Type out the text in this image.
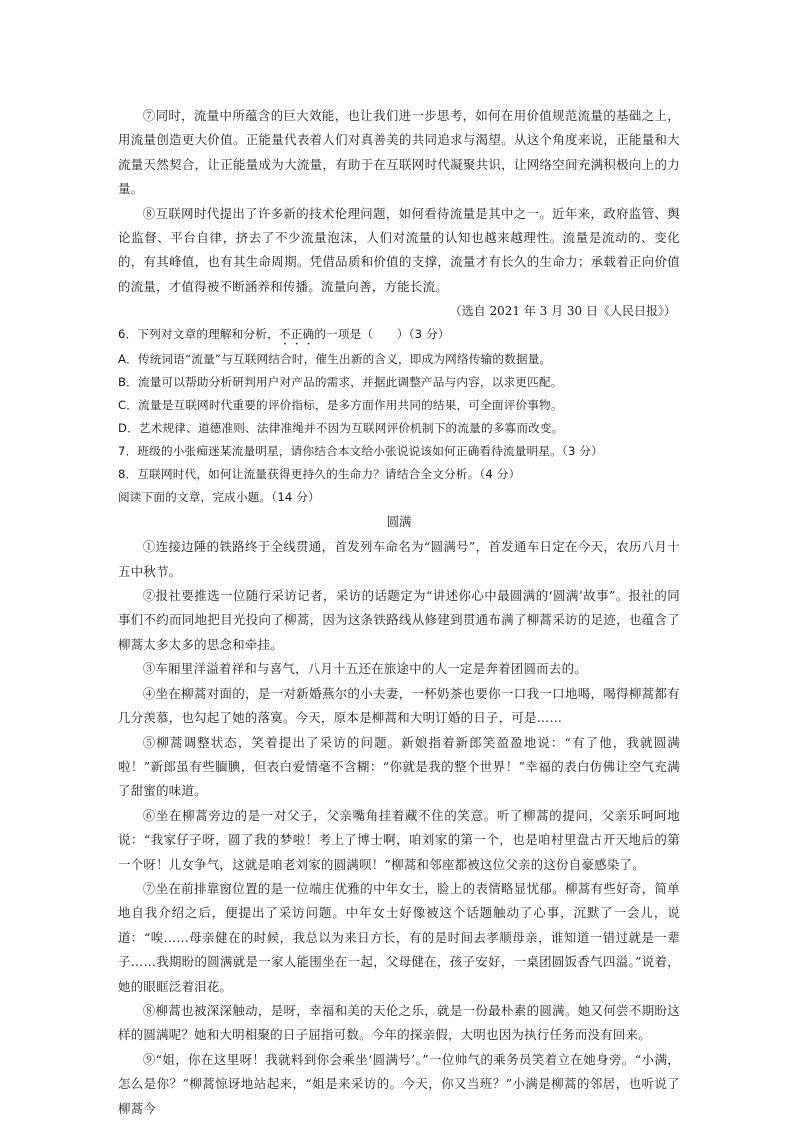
⑦同时，流量中所蕴含的巨大效能，也让我们进一步思考，如何在用价值规范流量的基础之上，用流量创造更大价值。正能量代表着人们对真善美的共同追求与渴望。从这个角度来说，正能量和大流量天然契合，让正能量成为大流量，有助于在互联网时代凝聚共识，让网络空间充满积极向上的力量。

⑧互联网时代提出了许多新的技术伦理问题，如何看待流量是其中之一。近年来，政府监管、舆论监督、平台自律，挤去了不少流量泡沫，人们对流量的认知也越来越理性。流量是流动的、变化的，有其峰值，也有其生命周期。凭借品质和价值的支撑，流量才有长久的生命力；承载着正向价值的流量，才值得被不断涵养和传播。流量向善，方能长流。

（选自 2021 年 3 月 30 日《人民日报》）

6．下列对文章的理解和分析，不正确的一项是（　　）（3 分）

A．传统词语“流量”与互联网结合时，催生出新的含义，即成为网络传输的数据量。

B．流量可以帮助分析研判用户对产品的需求，并据此调整产品与内容，以求更匹配。

C．流量是互联网时代重要的评价指标，是多方面作用共同的结果，可全面评价事物。

D．艺术规律、道德准则、法律准绳并不因为互联网评价机制下的流量的多寡而改变。

7．班级的小张痴迷某流量明星，请你结合本文给小张说说该如何正确看待流量明星。（3 分）

8．互联网时代，如何让流量获得更持久的生命力？请结合全文分析。（4 分）

阅读下面的文章，完成小题。（14 分）

圆满

①连接边陲的铁路终于全线贯通，首发列车命名为“圆满号”，首发通车日定在今天，农历八月十五中秋节。

②报社要推选一位随行采访记者，采访的话题定为“讲述你心中最圆满的‘圆满’故事”。报社的同事们不约而同地把目光投向了柳蒿，因为这条铁路线从修建到贯通布满了柳蒿采访的足迹，也蕴含了柳蒿太多太多的思念和牵挂。

③车厢里洋溢着祥和与喜气，八月十五还在旅途中的人一定是奔着团圆而去的。

④坐在柳蒿对面的，是一对新婚燕尔的小夫妻，一杯奶茶也要你一口我一口地喝，喝得柳蒿都有几分羡慕，也勾起了她的落寞。今天，原本是柳蒿和大明订婚的日子，可是……

⑤柳蒿调整状态，笑着提出了采访的问题。新娘指着新郎笑盈盈地说：“有了他，我就圆满啦！”新郎虽有些腼腆，但表白爱情毫不含糊：“你就是我的整个世界！”幸福的表白仿佛让空气充满了甜蜜的味道。

⑥坐在柳蒿旁边的是一对父子，父亲嘴角挂着藏不住的笑意。听了柳蒿的提问，父亲乐呵呵地说：“我家仔子呀，圆了我的梦啦！考上了博士啊，咱刘家的第一个，也是咱村里盘古开天地后的第一个呀！儿女争气，这就是咱老刘家的圆满呗！”柳蒿和邻座都被这位父亲的这份自豪感染了。

⑦坐在前排靠窗位置的是一位端庄优雅的中年女士，脸上的表情略显忧郁。柳蒿有些好奇，简单地自我介绍之后，便提出了采访问题。中年女士好像被这个话题触动了心事，沉默了一会儿，说道：“唉……母亲健在的时候，我总以为来日方长，有的是时间去孝顺母亲，谁知道一错过就是一辈子……我期盼的圆满就是一家人能围坐在一起，父母健在，孩子安好，一桌团圆饭香气四溢。”说着，她的眼眶泛着泪花。

⑧柳蒿也被深深触动，是呀，幸福和美的天伦之乐，就是一份最朴素的圆满。她又何尝不期盼这样的圆满呢？她和大明相聚的日子屈指可数。今年的探亲假，大明也因为执行任务而没有回来。

⑨“姐，你在这里呀！我就料到你会乘坐‘圆满号’。”一位帅气的乘务员笑着立在她身旁。“小满，怎么是你？”柳蒿惊讶地站起来，“姐是来采访的。今天，你又当班？”小满是柳蒿的邻居，也听说了柳蒿今
